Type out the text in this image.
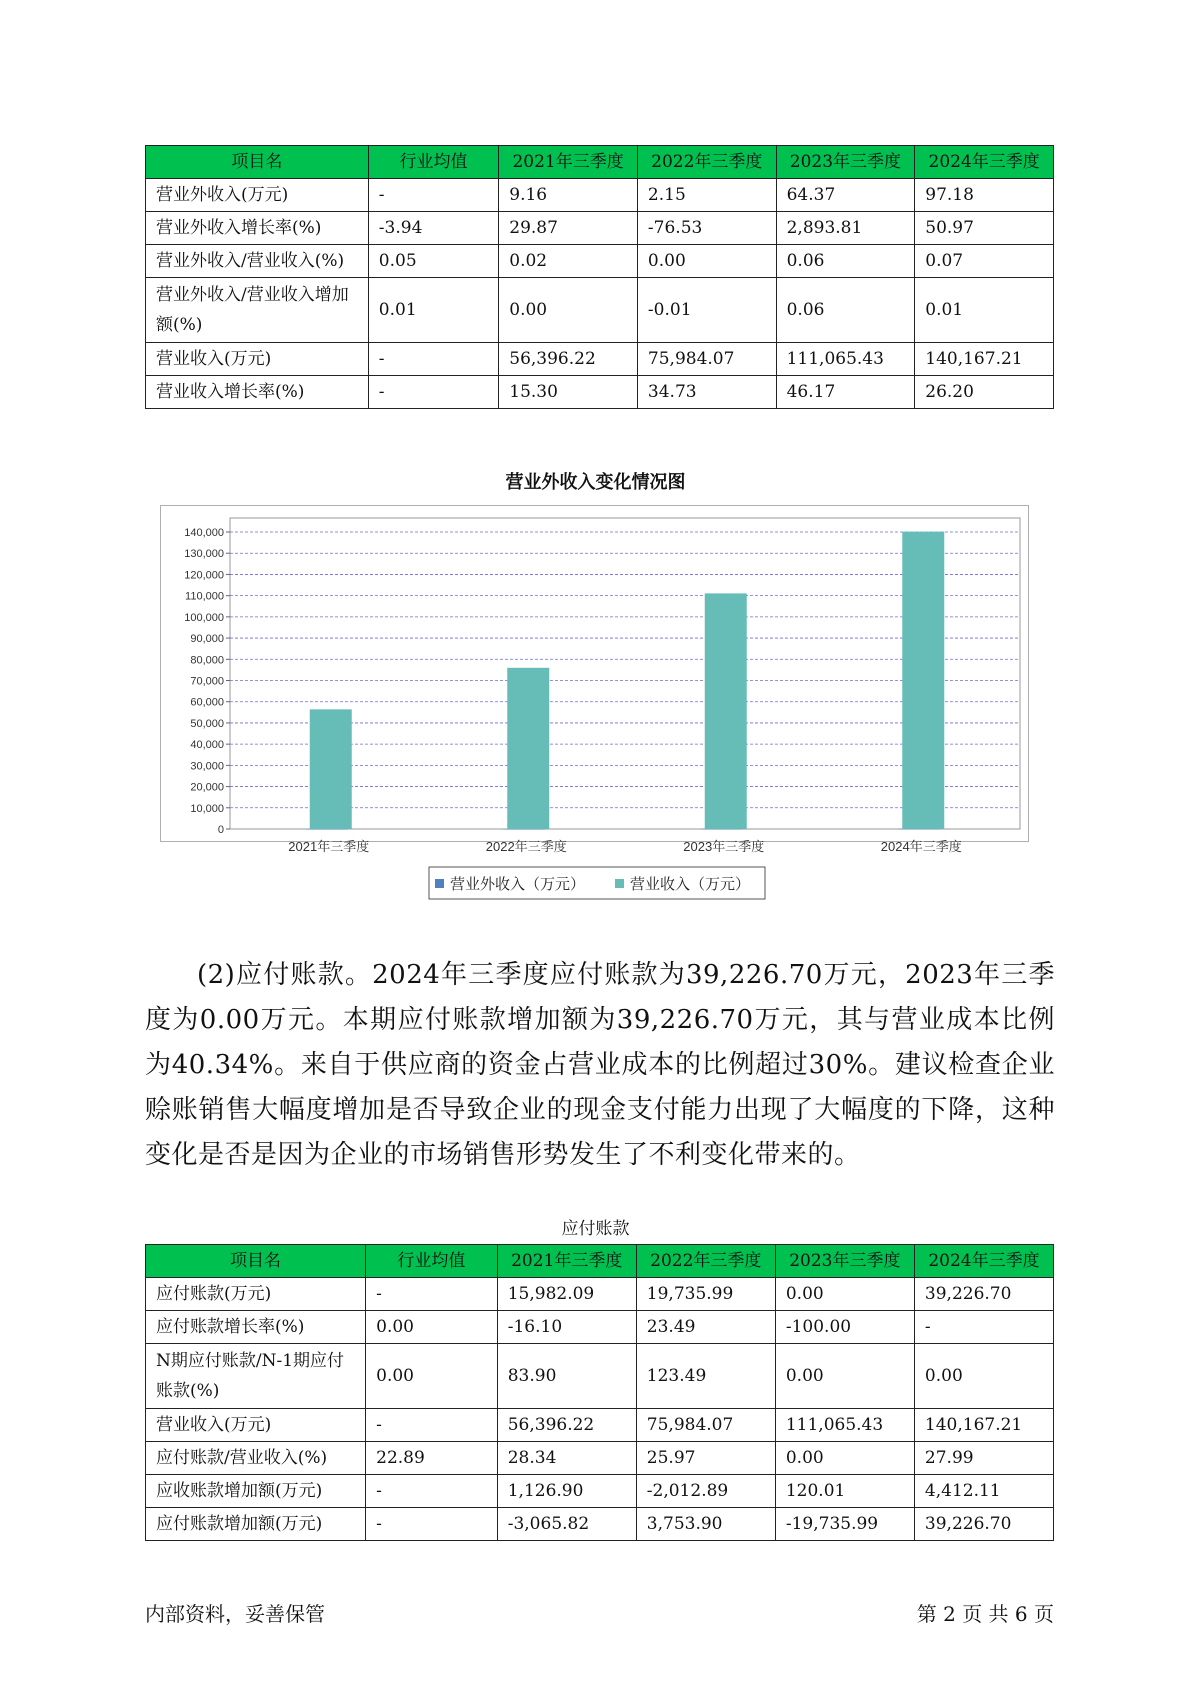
项目名	行业均值	2021年三季度	2022年三季度	2023年三季度	2024年三季度
营业外收入(万元)	-	9.16	2.15	64.37	97.18
营业外收入增长率(%)	-3.94	29.87	-76.53	2,893.81	50.97
营业外收入/营业收入(%)	0.05	0.02	0.00	0.06	0.07
营业外收入/营业收入增加额(%)	0.01	0.00	-0.01	0.06	0.01
营业收入(万元)	-	56,396.22	75,984.07	111,065.43	140,167.21
营业收入增长率(%)	-	15.30	34.73	46.17	26.20
营业外收入变化情况图
0
10,000
20,000
30,000
40,000
50,000
60,000
70,000
80,000
90,000
100,000
110,000
120,000
130,000
140,000
2021年三季度	2022年三季度	2023年三季度	2024年三季度
营业外收入（万元）	营业收入（万元）
(2)应付账款。2024年三季度应付账款为39,226.70万元，2023年三季度为0.00万元。本期应付账款增加额为39,226.70万元，其与营业成本比例为40.34%。来自于供应商的资金占营业成本的比例超过30%。建议检查企业赊账销售大幅度增加是否导致企业的现金支付能力出现了大幅度的下降，这种变化是否是因为企业的市场销售形势发生了不利变化带来的。
应付账款
项目名	行业均值	2021年三季度	2022年三季度	2023年三季度	2024年三季度
应付账款(万元)	-	15,982.09	19,735.99	0.00	39,226.70
应付账款增长率(%)	0.00	-16.10	23.49	-100.00	-
N期应付账款/N-1期应付账款(%)	0.00	83.90	123.49	0.00	0.00
营业收入(万元)	-	56,396.22	75,984.07	111,065.43	140,167.21
应付账款/营业收入(%)	22.89	28.34	25.97	0.00	27.99
应收账款增加额(万元)	-	1,126.90	-2,012.89	120.01	4,412.11
应付账款增加额(万元)	-	-3,065.82	3,753.90	-19,735.99	39,226.70
内部资料，妥善保管	第 2 页 共 6 页
